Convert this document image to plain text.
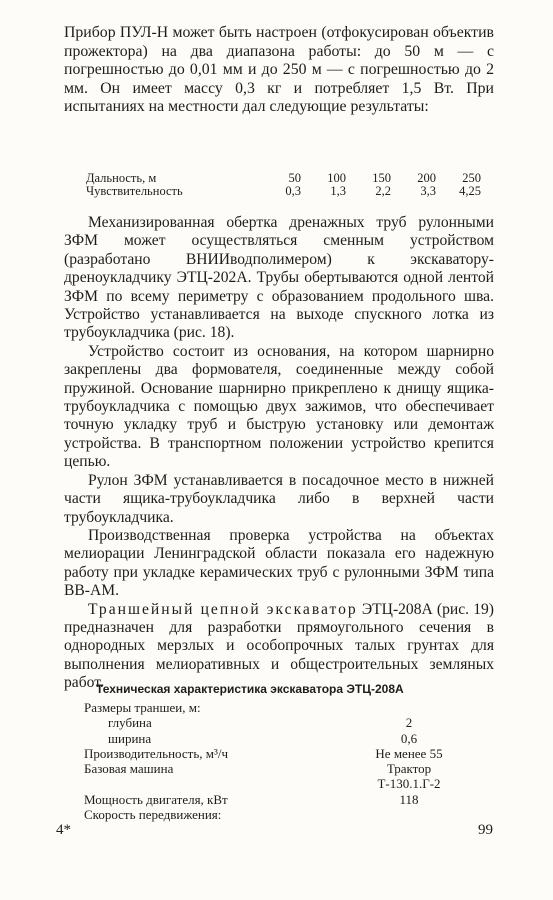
Прибор ПУЛ-Н может быть настроен (отфокусирован объектив прожектора) на два диапазона работы: до 50 м — с погрешностью до 0,01 мм и до 250 м — с погрешностью до 2 мм. Он имеет массу 0,3 кг и потребляет 1,5 Вт. При испытаниях на местности дал следующие результаты:

Дальность, м	50	100	150	200	250
Чувствительность	0,3	1,3	2,2	3,3	4,25

Механизированная обертка дренажных труб рулонными ЗФМ может осуществляться сменным устройством (разработано ВНИИводполимером) к экскаватору-дреноукладчику ЭТЦ-202А. Трубы обертываются одной лентой ЗФМ по всему периметру с образованием продольного шва. Устройство устанавливается на выходе спускного лотка из трубоукладчика (рис. 18).

Устройство состоит из основания, на котором шарнирно закреплены два формователя, соединенные между собой пружиной. Основание шарнирно прикреплено к днищу ящика-трубоукладчика с помощью двух зажимов, что обеспечивает точную укладку труб и быструю установку или демонтаж устройства. В транспортном положении устройство крепится цепью.

Рулон ЗФМ устанавливается в посадочное место в нижней части ящика-трубоукладчика либо в верхней части трубоукладчика.

Производственная проверка устройства на объектах мелиорации Ленинградской области показала его надежную работу при укладке керамических труб с рулонными ЗФМ типа ВВ-АМ.

Траншейный цепной экскаватор ЭТЦ-208А (рис. 19) предназначен для разработки прямоугольного сечения в однородных мерзлых и особопрочных талых грунтах для выполнения мелиоративных и общестроительных земляных работ.

Техническая характеристика экскаватора ЭТЦ-208А
Размеры траншеи, м:
глубина	2
ширина	0,6
Производительность, м³/ч	Не менее 55
Базовая машина	Трактор
Т-130.1.Г-2
Мощность двигателя, кВт	118
Скорость передвижения:
4*	99
